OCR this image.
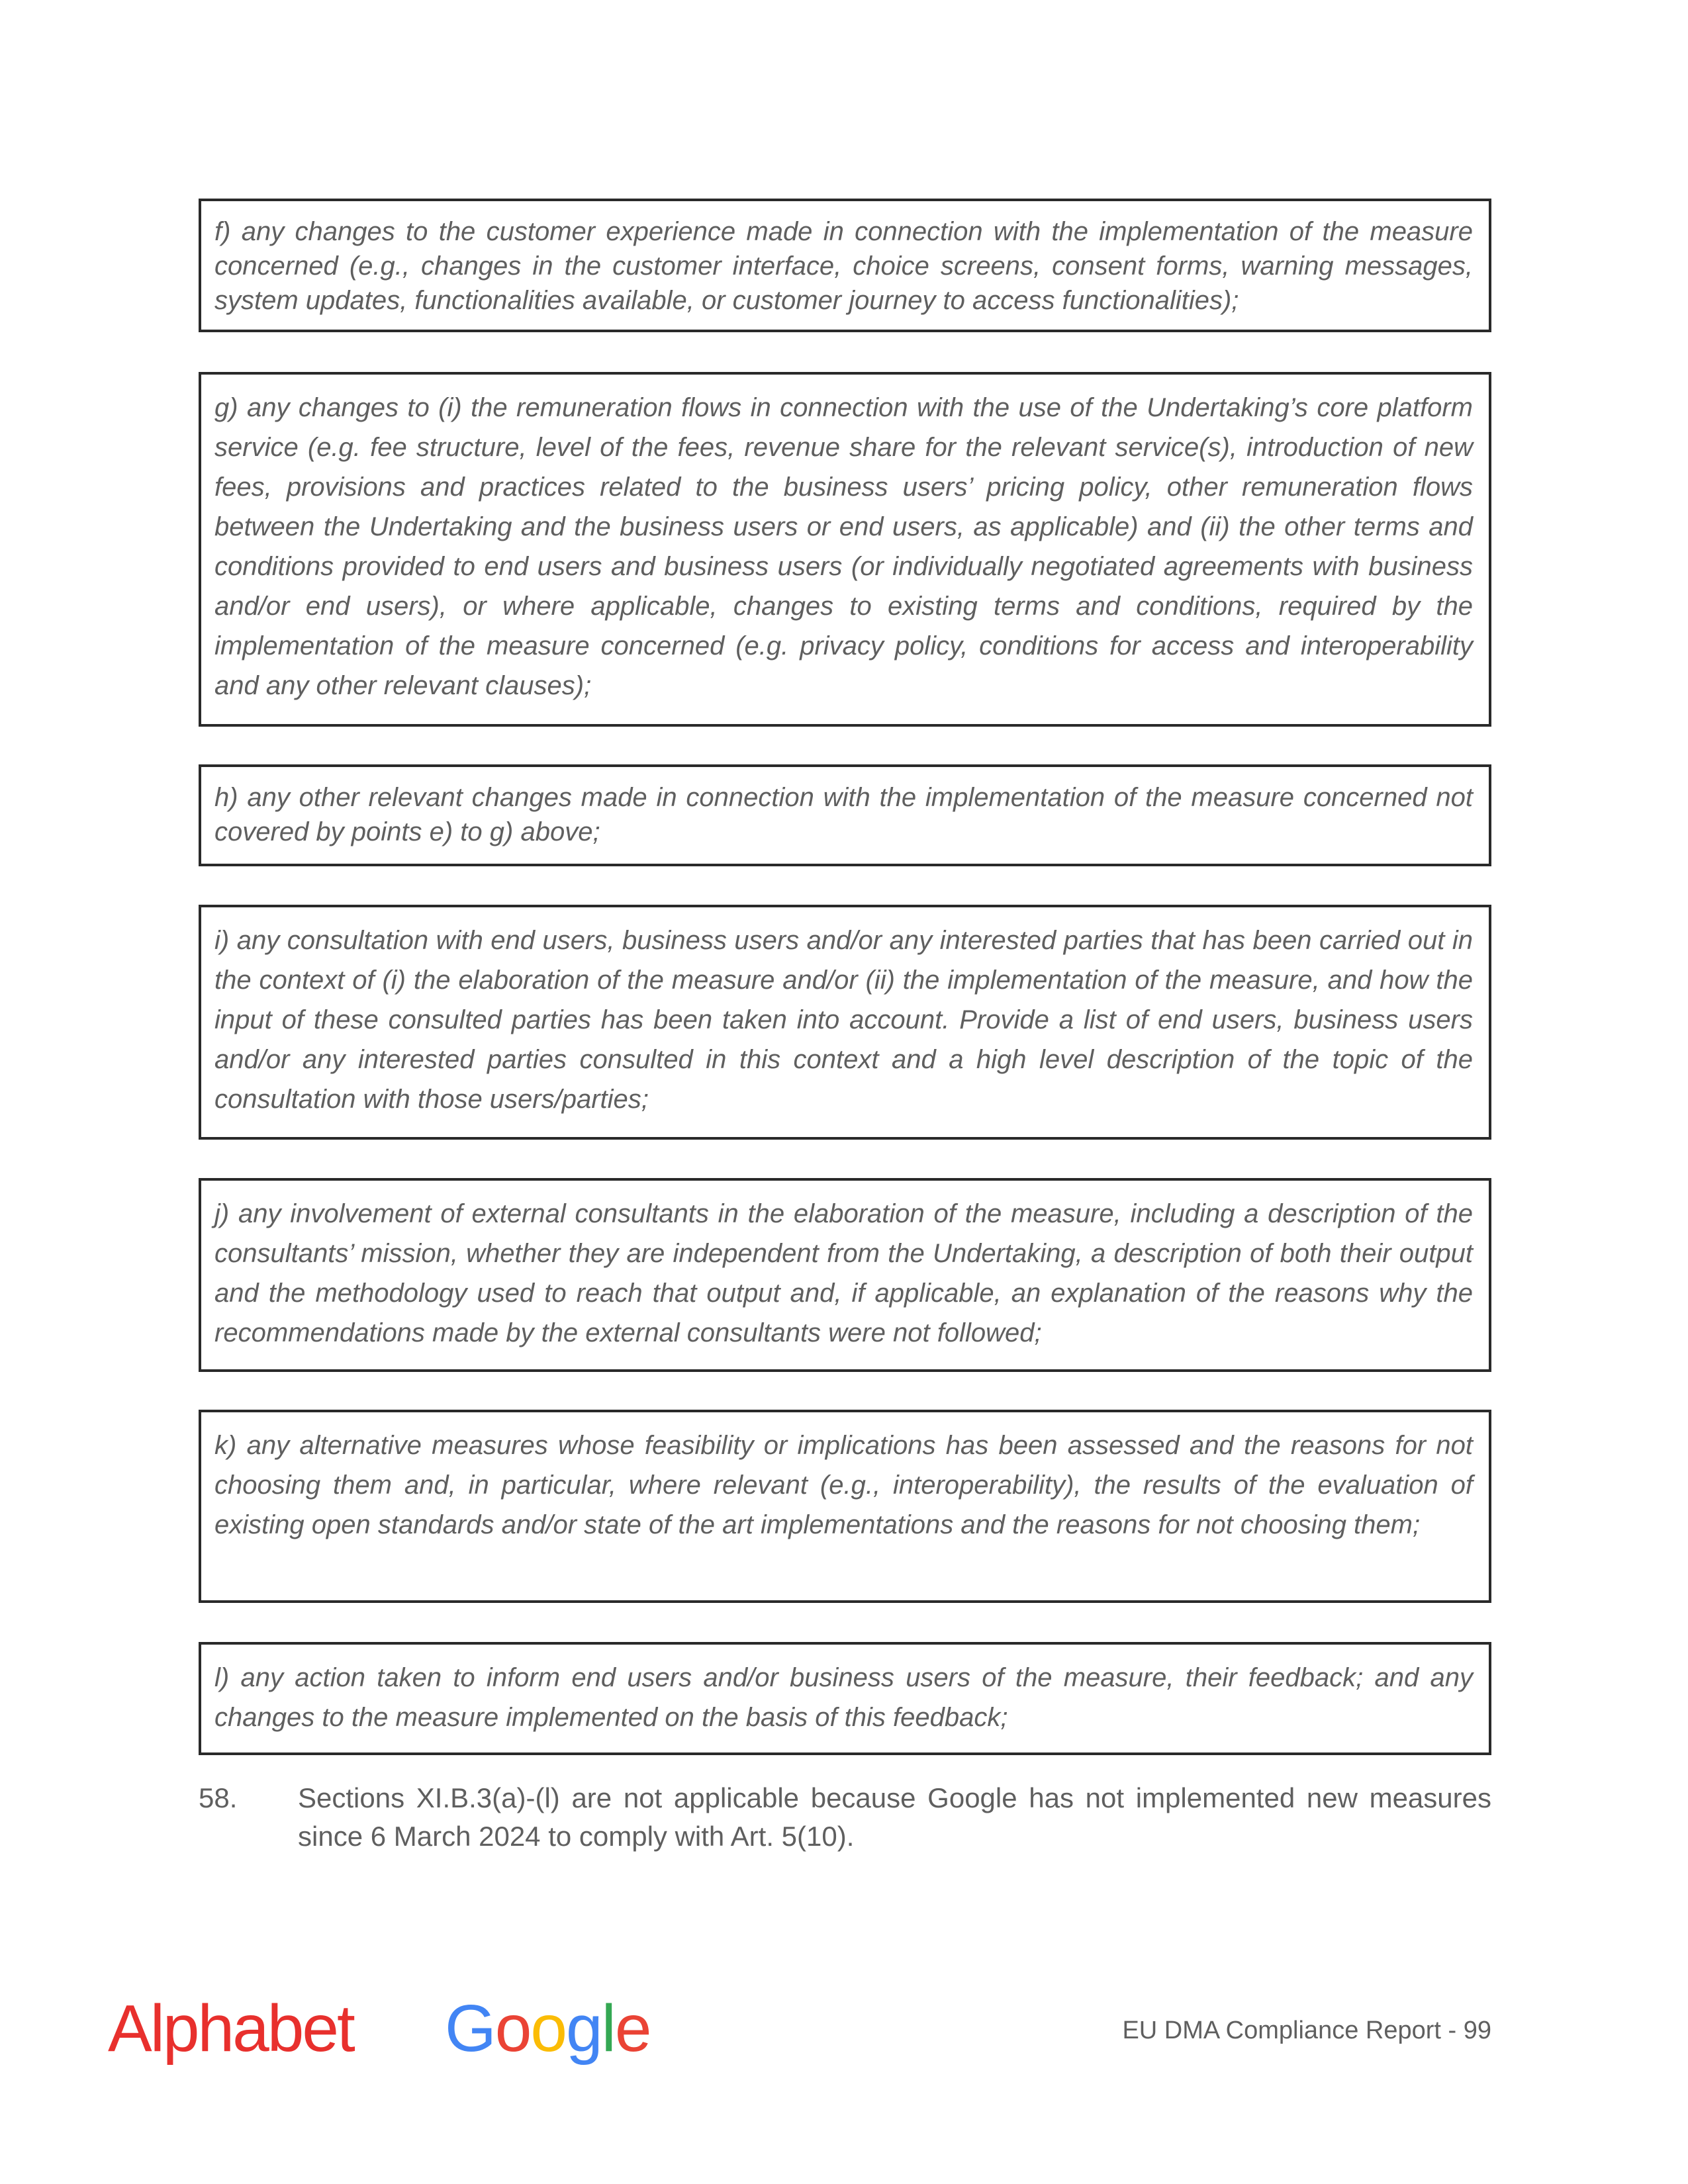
f) any changes to the customer experience made in connection with the implementation of the measure concerned (e.g., changes in the customer interface, choice screens, consent forms, warning messages, system updates, functionalities available, or customer journey to access functionalities);

g) any changes to (i) the remuneration flows in connection with the use of the Undertaking’s core platform service (e.g. fee structure, level of the fees, revenue share for the relevant service(s), introduction of new fees, provisions and practices related to the business users’ pricing policy, other remuneration flows between the Undertaking and the business users or end users, as applicable) and (ii) the other terms and conditions provided to end users and business users (or individually negotiated agreements with business and/or end users), or where applicable, changes to existing terms and conditions, required by the implementation of the measure concerned (e.g. privacy policy, conditions for access and interoperability and any other relevant clauses);

h) any other relevant changes made in connection with the implementation of the measure concerned not covered by points e) to g) above;

i) any consultation with end users, business users and/or any interested parties that has been carried out in the context of (i) the elaboration of the measure and/or (ii) the implementation of the measure, and how the input of these consulted parties has been taken into account. Provide a list of end users, business users and/or any interested parties consulted in this context and a high level description of the topic of the consultation with those users/parties;

j) any involvement of external consultants in the elaboration of the measure, including a description of the consultants’ mission, whether they are independent from the Undertaking, a description of both their output and the methodology used to reach that output and, if applicable, an explanation of the reasons why the recommendations made by the external consultants were not followed;

k) any alternative measures whose feasibility or implications has been assessed and the reasons for not choosing them and, in particular, where relevant (e.g., interoperability), the results of the evaluation of existing open standards and/or state of the art implementations and the reasons for not choosing them;

l) any action taken to inform end users and/or business users of the measure, their feedback; and any changes to the measure implemented on the basis of this feedback;

58. Sections XI.B.3(a)-(l) are not applicable because Google has not implemented new measures since 6 March 2024 to comply with Art. 5(10).
Alphabet Google	EU DMA Compliance Report - 99
